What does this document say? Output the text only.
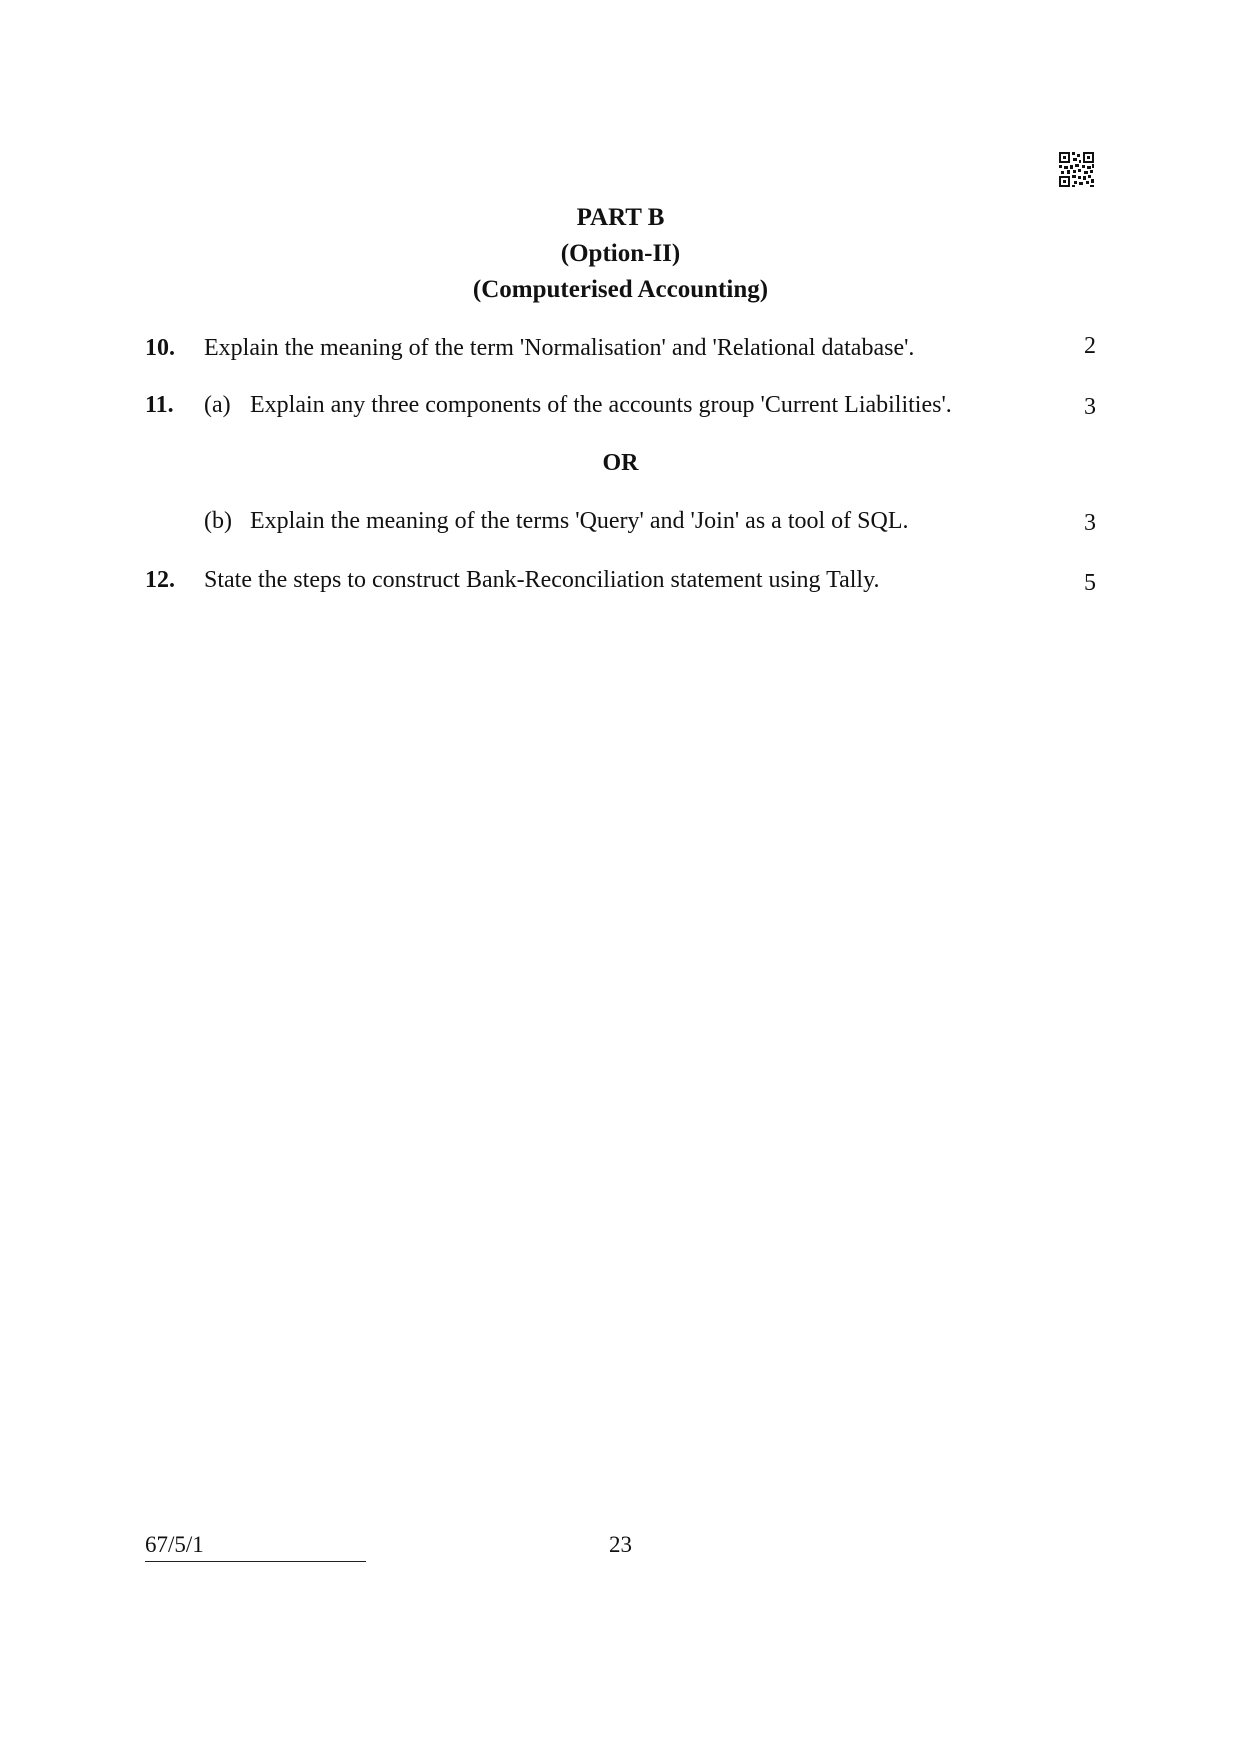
PART B
(Option-II)
(Computerised Accounting)
10. Explain the meaning of the term 'Normalisation' and 'Relational database'.	2
11. (a) Explain any three components of the accounts group 'Current Liabilities'.	3
OR
(b) Explain the meaning of the terms 'Query' and 'Join' as a tool of SQL.	3
12. State the steps to construct Bank-Reconciliation statement using Tally.	5
67/5/1	23
